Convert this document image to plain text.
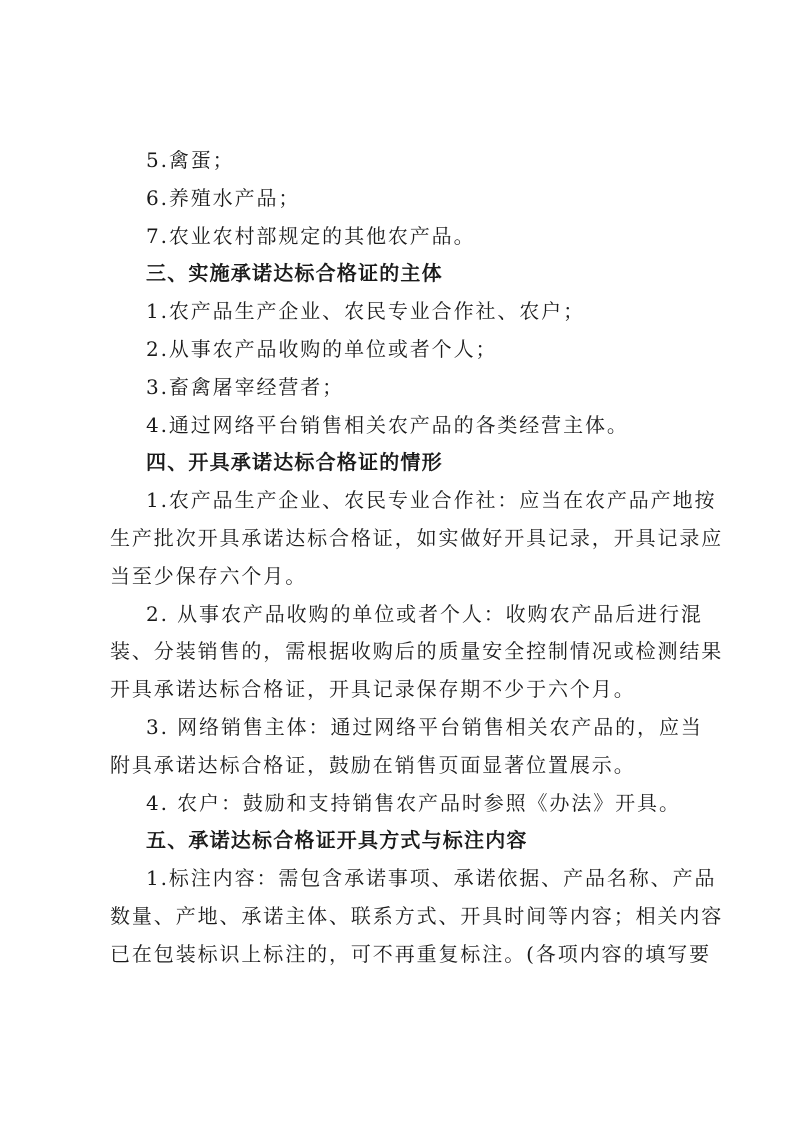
5.禽蛋；
6.养殖水产品；
7.农业农村部规定的其他农产品。
三、实施承诺达标合格证的主体
1.农产品生产企业、农民专业合作社、农户；
2.从事农产品收购的单位或者个人；
3.畜禽屠宰经营者；
4.通过网络平台销售相关农产品的各类经营主体。
四、开具承诺达标合格证的情形
1.农产品生产企业、农民专业合作社：应当在农产品产地按
生产批次开具承诺达标合格证，如实做好开具记录，开具记录应
当至少保存六个月。
2. 从事农产品收购的单位或者个人：收购农产品后进行混
装、分装销售的，需根据收购后的质量安全控制情况或检测结果
开具承诺达标合格证，开具记录保存期不少于六个月。
3. 网络销售主体：通过网络平台销售相关农产品的，应当
附具承诺达标合格证，鼓励在销售页面显著位置展示。
4. 农户：鼓励和支持销售农产品时参照《办法》开具。
五、承诺达标合格证开具方式与标注内容
1.标注内容：需包含承诺事项、承诺依据、产品名称、产品
数量、产地、承诺主体、联系方式、开具时间等内容；相关内容
已在包装标识上标注的，可不再重复标注。(各项内容的填写要
